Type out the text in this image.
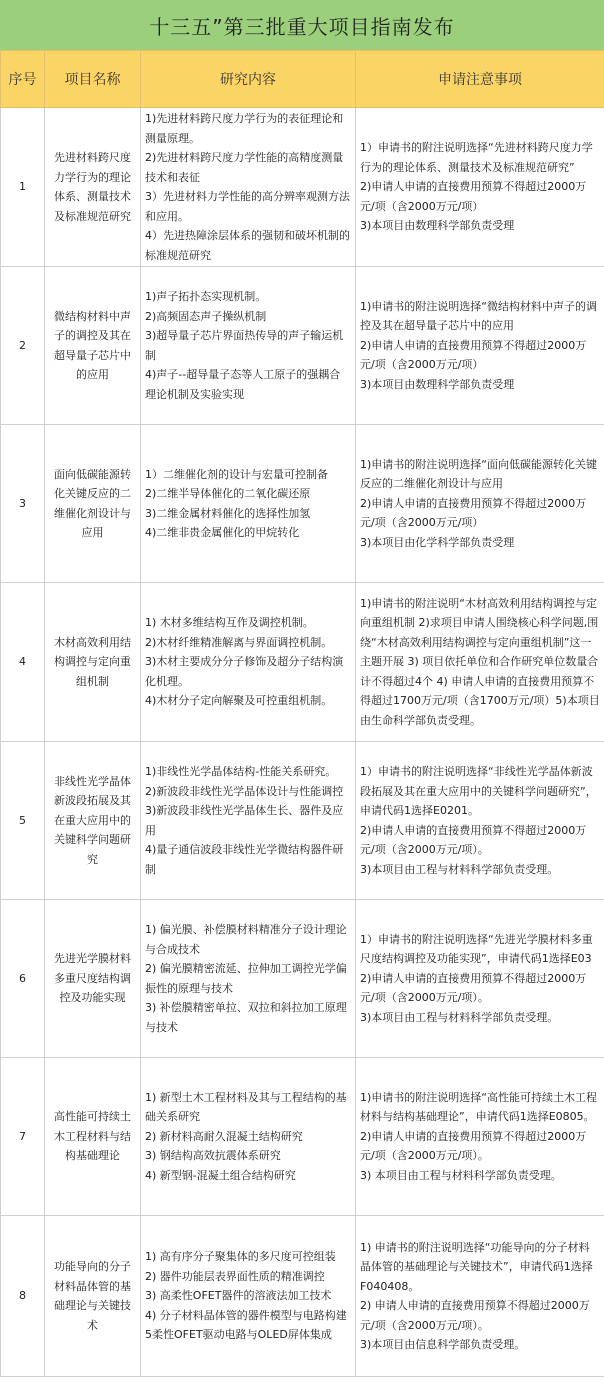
十三五”第三批重大项目指南发布
序号	项目名称	研究内容	申请注意事项
1	先进材料跨尺度力学行为的理论体系、测量技术及标准规范研究	1)先进材料跨尺度力学行为的表征理论和测量原理。
2)先进材料跨尺度力学性能的高精度测量技术和表征
3）先进材料力学性能的高分辨率观测方法和应用。
4）先进热障涂层体系的强韧和破坏机制的标准规范研究	1）申请书的附注说明选择“先进材料跨尺度力学行为的理论体系、测量技术及标准规范研究”
2)申请人申请的直接费用预算不得超过2000万元/项（含2000万元/项）
3)本项目由数理科学部负责受理

2	微结构材料中声子的调控及其在超导量子芯片中的应用	1)声子拓扑态实现机制。
2)高频固态声子操纵机制
3)超导量子芯片界面热传导的声子输运机制
4)声子--超导量子态等人工原子的强耦合理论机制及实验实现	1)申请书的附注说明选择“微结构材料中声子的调控及其在超导量子芯片中的应用
2)申请人申请的直接费用预算不得超过2000万元/项（含2000万元/项）
3)本项目由数理科学部负责受理

3	面向低碳能源转化关键反应的二维催化剂设计与应用	1）二维催化剂的设计与宏量可控制备
2)二维半导体催化的二氧化碳还原
3)二维金属材料催化的选择性加氢
4)二维非贵金属催化的甲烷转化	1)申请书的附注说明选择“面向低碳能源转化关键反应的二维催化剂设计与应用
2)申请人申请的直接费用预算不得超过2000万元/项（含2000万元/项）
3)本项目由化学科学部负责受理

4	木材高效利用结构调控与定向重组机制	1) 木材多维结构互作及调控机制。
2)木材纤维精准解离与界面调控机制。
3)木材主要成分分子修饰及超分子结构演化机理。
4)木材分子定向解聚及可控重组机制。	1)申请书的附注说明“木材高效利用结构调控与定向重组机制 2)求项目申请人围绕核心科学问题,围绕“木材高效利用结构调控与定向重组机制”这一主题开展 3) 项目依托单位和合作研究单位数量合计不得超过4个 4) 申请人申请的直接费用预算不得超过1700万元/项（含1700万元/项）5)本项目由生命科学部负责受理。

5	非线性光学晶体新波段拓展及其在重大应用中的关键科学问题研究	1)非线性光学晶体结构-性能关系研究。
2)新波段非线性光学晶体设计与性能调控
3)新波段非线性光学晶体生长、器件及应用
4)量子通信波段非线性光学微结构器件研制	1）申请书的附注说明选择“非线性光学晶体新波段拓展及其在重大应用中的关键科学问题研究”，申请代码1选择E0201。
2)申请人申请的直接费用预算不得超过2000万元/项（含2000万元/项）。
3)本项目由工程与材料科学部负责受理。

6	先进光学膜材料多重尺度结构调控及功能实现	1) 偏光膜、补偿膜材料精准分子设计理论与合成技术
2) 偏光膜精密流延、拉伸加工调控光学偏振性的原理与技术
3) 补偿膜精密单拉、双拉和斜拉加工原理与技术	1）申请书的附注说明选择“先进光学膜材料多重尺度结构调控及功能实现”，申请代码1选择E03
2)申请人申请的直接费用预算不得超过2000万元/项（含2000万元/项）。
3)本项目由工程与材料科学部负责受理。

7	高性能可持续土木工程材料与结构基础理论	1) 新型土木工程材料及其与工程结构的基础关系研究
2) 新材料高耐久混凝土结构研究
3) 钢结构高效抗震体系研究
4) 新型钢-混凝土组合结构研究	1)申请书的附注说明选择“高性能可持续土木工程材料与结构基础理论”，申请代码1选择E0805。
2)申请人申请的直接费用预算不得超过2000万元/项（含2000万元/项）。
3) 本项目由工程与材料科学部负责受理。

8	功能导向的分子材料晶体管的基础理论与关键技术	1) 高有序分子聚集体的多尺度可控组装
2) 器件功能层表界面性质的精准调控
3) 高柔性OFET器件的溶液法加工技术
4) 分子材料晶体管的器件模型与电路构建5柔性OFET驱动电路与OLED屏体集成	1) 申请书的附注说明选择“功能导向的分子材料晶体管的基础理论与关键技术”，申请代码1选择F040408。
2) 申请人申请的直接费用预算不得超过2000万元/项（含2000万元/项）。
3)本项目由信息科学部负责受理。
